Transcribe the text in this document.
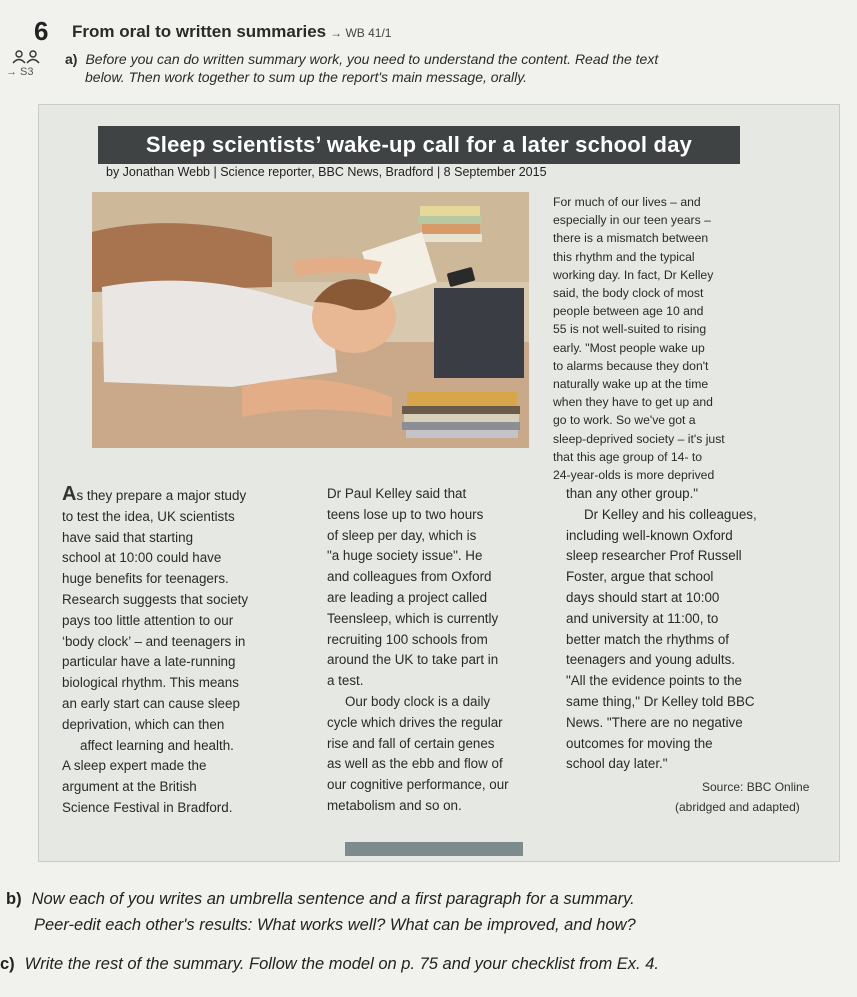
6 From oral to written summaries → WB 41/1
→ S3
a) Before you can do written summary work, you need to understand the content. Read the text
below. Then work together to sum up the report's main message, orally.
Sleep scientists’ wake-up call for a later school day
by Jonathan Webb | Science reporter, BBC News, Bradford | 8 September 2015

For much of our lives – and

especially in our teen years –

there is a mismatch between

this rhythm and the typical

working day. In fact, Dr Kelley

said, the body clock of most

people between age 10 and

55 is not well-suited to rising

early. "Most people wake up

to alarms because they don't

naturally wake up at the time

when they have to get up and

go to work. So we've got a

sleep-deprived society – it's just

that this age group of 14- to

24-year-olds is more deprived

As they prepare a major study

to test the idea, UK scientists

have said that starting

school at 10:00 could have

huge benefits for teenagers.

Research suggests that society

pays too little attention to our

‘body clock’ – and teenagers in

particular have a late-running

biological rhythm. This means

an early start can cause sleep

deprivation, which can then

affect learning and health.

A sleep expert made the

argument at the British

Science Festival in Bradford.

Dr Paul Kelley said that

teens lose up to two hours

of sleep per day, which is

"a huge society issue". He

and colleagues from Oxford

are leading a project called

Teensleep, which is currently

recruiting 100 schools from

around the UK to take part in

a test.

Our body clock is a daily

cycle which drives the regular

rise and fall of certain genes

as well as the ebb and flow of

our cognitive performance, our

metabolism and so on.

than any other group."

Dr Kelley and his colleagues,

including well-known Oxford

sleep researcher Prof Russell

Foster, argue that school

days should start at 10:00

and university at 11:00, to

better match the rhythms of

teenagers and young adults.

"All the evidence points to the

same thing," Dr Kelley told BBC

News. "There are no negative

outcomes for moving the

school day later."

Source: BBC Online
(abridged and adapted)
b) Now each of you writes an umbrella sentence and a first paragraph for a summary.
Peer-edit each other's results: What works well? What can be improved, and how?
c) Write the rest of the summary. Follow the model on p. 75 and your checklist from Ex. 4.
